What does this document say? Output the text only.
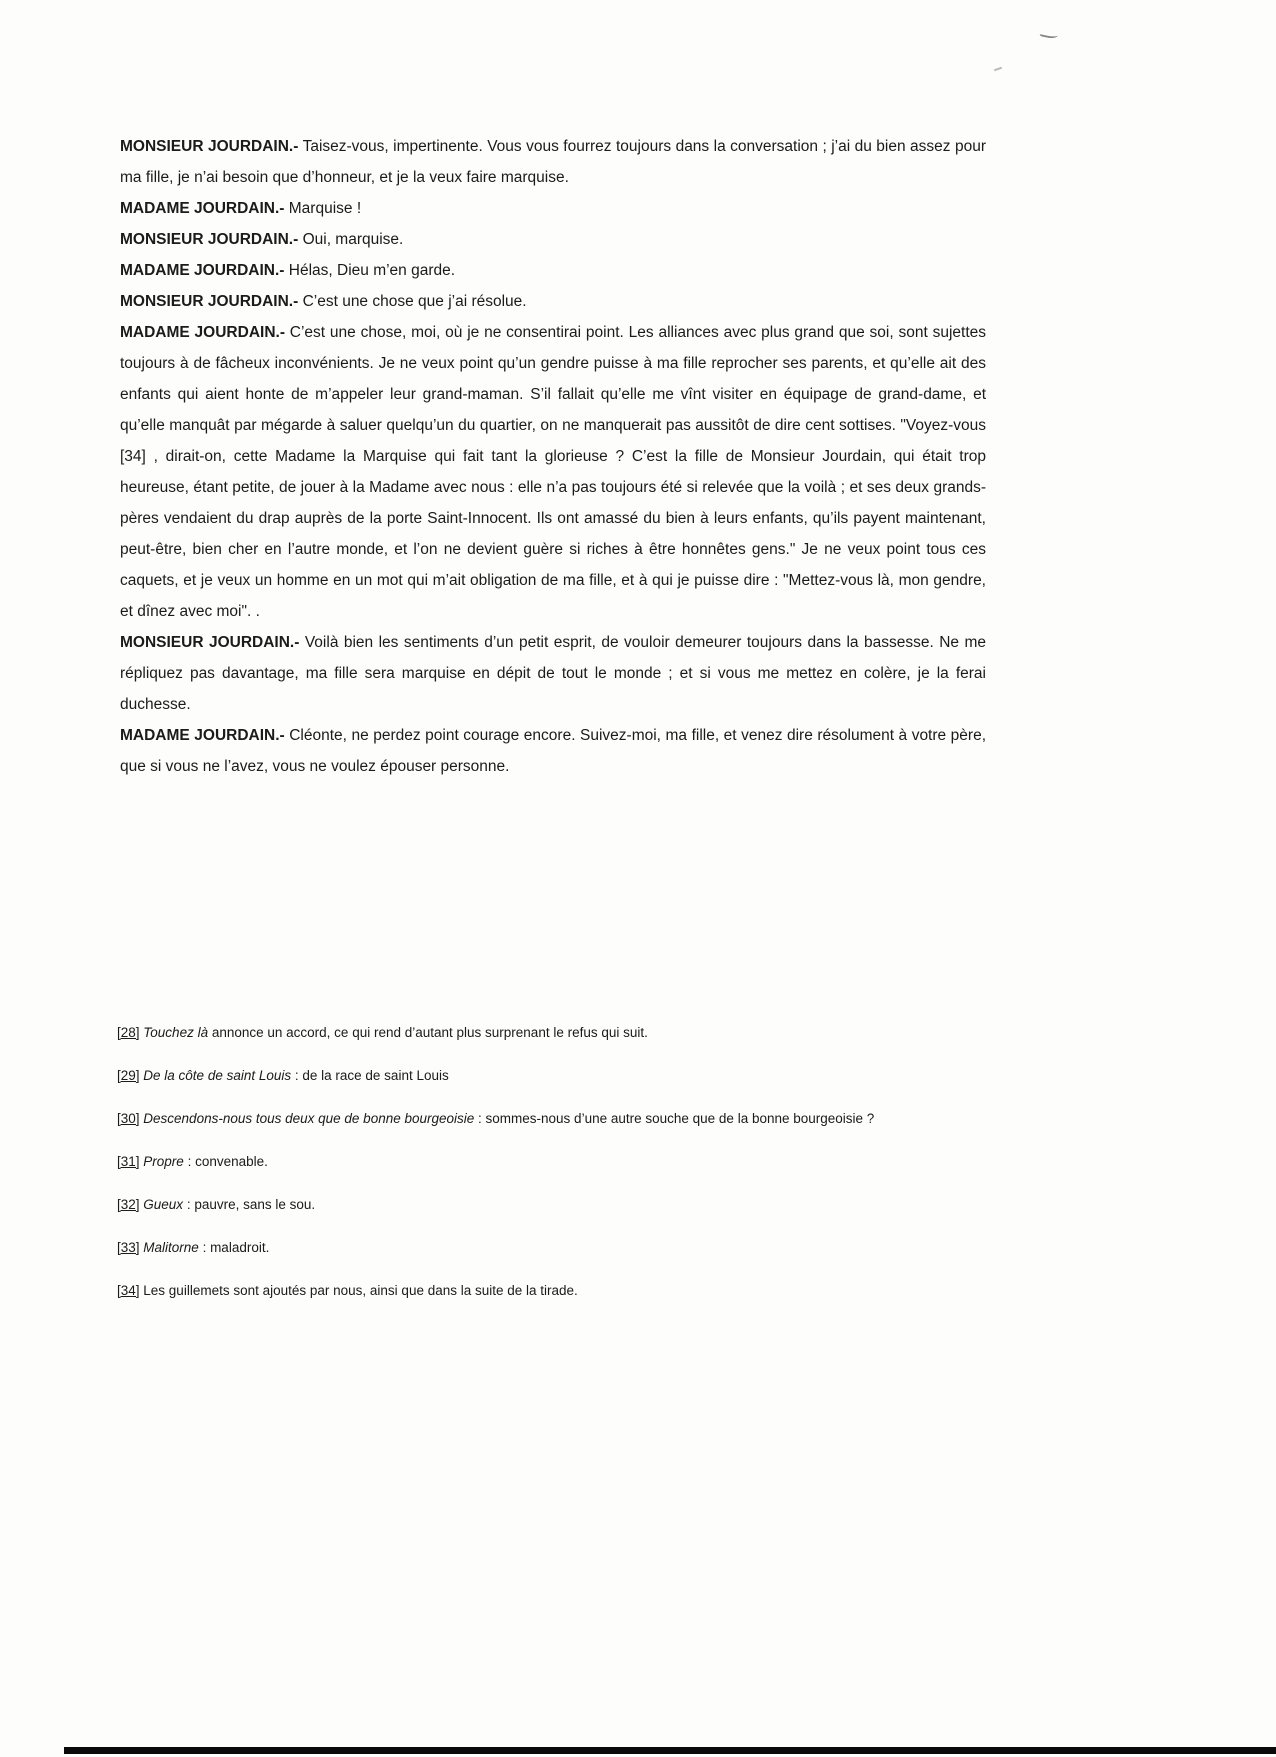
MONSIEUR JOURDAIN.- Taisez-vous, impertinente. Vous vous fourrez toujours dans la conversation ; j’ai du bien assez pour ma fille, je n’ai besoin que d’honneur, et je la veux faire marquise.

MADAME JOURDAIN.- Marquise !

MONSIEUR JOURDAIN.- Oui, marquise.

MADAME JOURDAIN.- Hélas, Dieu m’en garde.

MONSIEUR JOURDAIN.- C’est une chose que j’ai résolue.

MADAME JOURDAIN.- C’est une chose, moi, où je ne consentirai point. Les alliances avec plus grand que soi, sont sujettes toujours à de fâcheux inconvénients. Je ne veux point qu’un gendre puisse à ma fille reprocher ses parents, et qu’elle ait des enfants qui aient honte de m’appeler leur grand-maman. S’il fallait qu’elle me vînt visiter en équipage de grand-dame, et qu’elle manquât par mégarde à saluer quelqu’un du quartier, on ne manquerait pas aussitôt de dire cent sottises. "Voyez-vous [34] , dirait-on, cette Madame la Marquise qui fait tant la glorieuse ? C’est la fille de Monsieur Jourdain, qui était trop heureuse, étant petite, de jouer à la Madame avec nous : elle n’a pas toujours été si relevée que la voilà ; et ses deux grands-pères vendaient du drap auprès de la porte Saint-Innocent. Ils ont amassé du bien à leurs enfants, qu’ils payent maintenant, peut-être, bien cher en l’autre monde, et l’on ne devient guère si riches à être honnêtes gens." Je ne veux point tous ces caquets, et je veux un homme en un mot qui m’ait obligation de ma fille, et à qui je puisse dire : "Mettez-vous là, mon gendre, et dînez avec moi". .

MONSIEUR JOURDAIN.- Voilà bien les sentiments d’un petit esprit, de vouloir demeurer toujours dans la bassesse. Ne me répliquez pas davantage, ma fille sera marquise en dépit de tout le monde ; et si vous me mettez en colère, je la ferai duchesse.

MADAME JOURDAIN.- Cléonte, ne perdez point courage encore. Suivez-moi, ma fille, et venez dire résolument à votre père, que si vous ne l’avez, vous ne voulez épouser personne.

[28] Touchez là annonce un accord, ce qui rend d’autant plus surprenant le refus qui suit.

[29] De la côte de saint Louis : de la race de saint Louis

[30] Descendons-nous tous deux que de bonne bourgeoisie : sommes-nous d’une autre souche que de la bonne bourgeoisie ?

[31] Propre : convenable.

[32] Gueux : pauvre, sans le sou.

[33] Malitorne : maladroit.

[34] Les guillemets sont ajoutés par nous, ainsi que dans la suite de la tirade.
